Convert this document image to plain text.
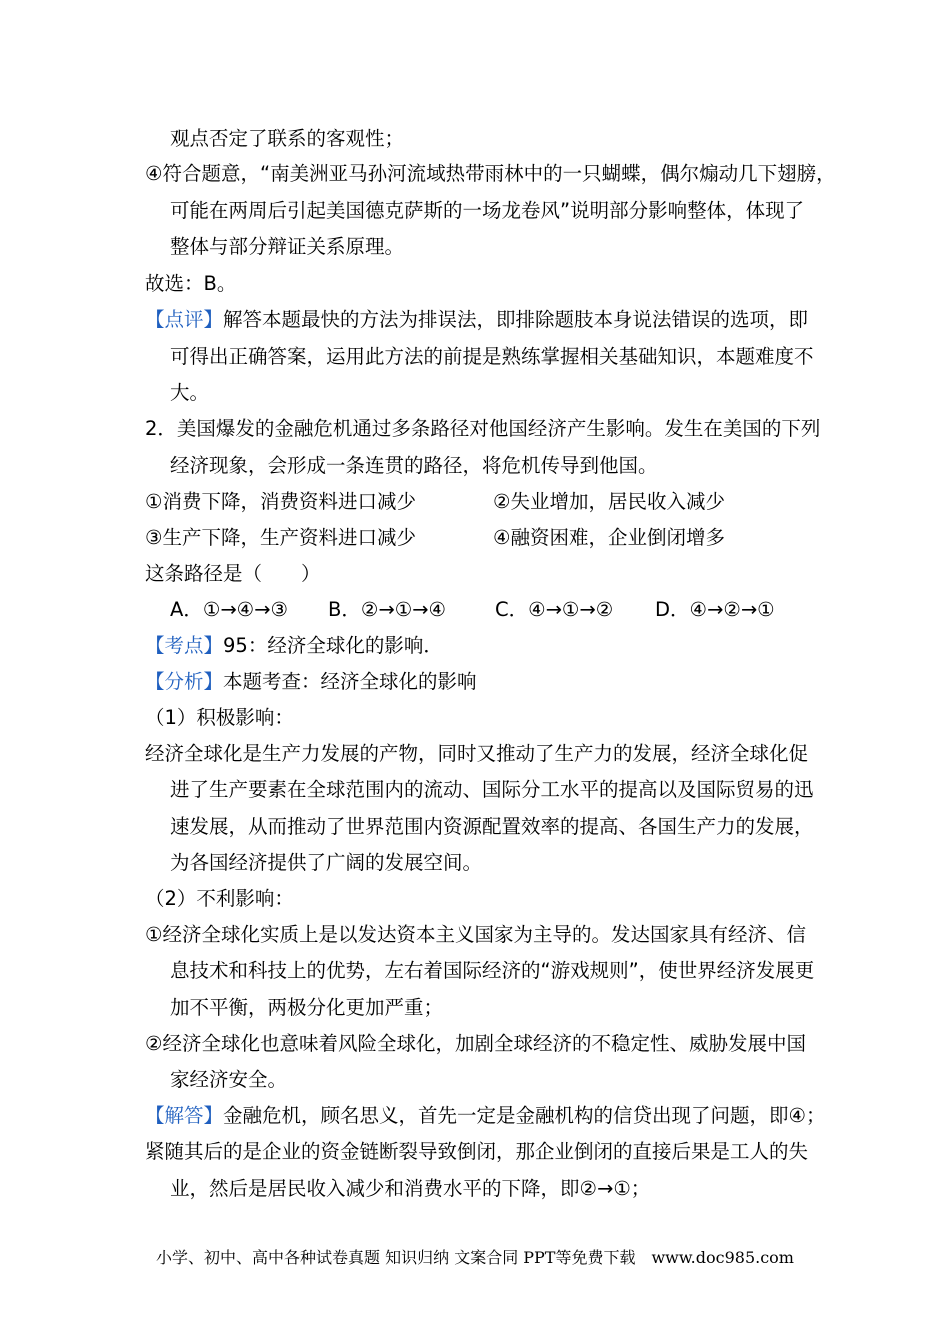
观点否定了联系的客观性；
④符合题意，“南美洲亚马孙河流域热带雨林中的一只蝴蝶，偶尔煽动几下翅膀，
可能在两周后引起美国德克萨斯的一场龙卷风”说明部分影响整体，体现了
整体与部分辩证关系原理。
故选：B。
【点评】解答本题最快的方法为排误法，即排除题肢本身说法错误的选项，即
可得出正确答案，运用此方法的前提是熟练掌握相关基础知识，本题难度不
大。
2．美国爆发的金融危机通过多条路径对他国经济产生影响。发生在美国的下列
经济现象，会形成一条连贯的路径，将危机传导到他国。
①消费下降，消费资料进口减少	②失业增加，居民收入减少
③生产下降，生产资料进口减少	④融资困难，企业倒闭增多
这条路径是（　　）
A．①→④→③ B．②→①→④	C．④→①→② D．④→②→①
【考点】95：经济全球化的影响．
【分析】本题考查：经济全球化的影响
（1）积极影响：
经济全球化是生产力发展的产物，同时又推动了生产力的发展，经济全球化促
进了生产要素在全球范围内的流动、国际分工水平的提高以及国际贸易的迅
速发展，从而推动了世界范围内资源配置效率的提高、各国生产力的发展，
为各国经济提供了广阔的发展空间。
（2）不利影响：
①经济全球化实质上是以发达资本主义国家为主导的。发达国家具有经济、信
息技术和科技上的优势，左右着国际经济的“游戏规则”，使世界经济发展更
加不平衡，两极分化更加严重；
②经济全球化也意味着风险全球化，加剧全球经济的不稳定性、威胁发展中国
家经济安全。
【解答】金融危机，顾名思义，首先一定是金融机构的信贷出现了问题，即④；
紧随其后的是企业的资金链断裂导致倒闭，那企业倒闭的直接后果是工人的失
业，然后是居民收入减少和消费水平的下降，即②→①；
小学、初中、高中各种试卷真题 知识归纳 文案合同 PPT等免费下载　www.doc985.com
